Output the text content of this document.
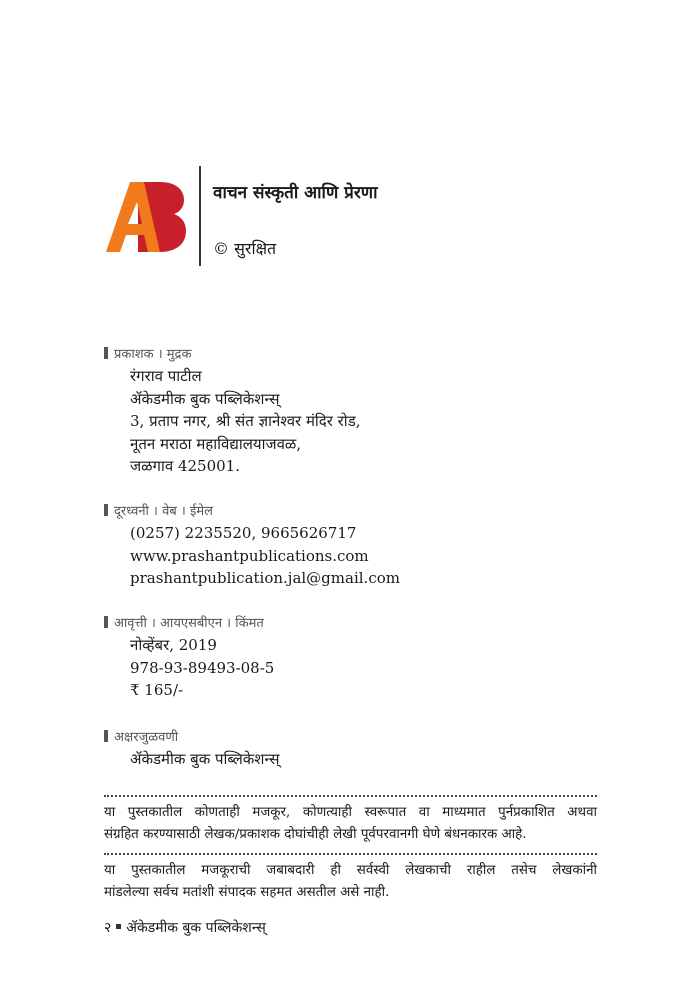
वाचन संस्कृती आणि प्रेरणा
© सुरक्षित
प्रकाशक । मुद्रक
रंगराव पाटील
ॲकेडमीक बुक पब्लिकेशन्स्
3, प्रताप नगर, श्री संत ज्ञानेश्वर मंदिर रोड,
नूतन मराठा महाविद्यालयाजवळ,
जळगाव 425001.
दूरध्वनी । वेब । ईमेल
(0257) 2235520, 9665626717
www.prashantpublications.com
prashantpublication.jal@gmail.com
आवृत्ती । आयएसबीएन । किंमत
नोव्हेंबर, 2019
978-93-89493-08-5
₹ 165/-
अक्षरजुळवणी
ॲकेडमीक बुक पब्लिकेशन्स्
या पुस्तकातील कोणताही मजकूर, कोणत्याही स्वरूपात वा माध्यमात पुर्नप्रकाशित अथवा
संग्रहित करण्यासाठी लेखक/प्रकाशक दोघांचीही लेखी पूर्वपरवानगी घेणे बंधनकारक आहे.
या पुस्तकातील मजकूराची जबाबदारी ही सर्वस्वी लेखकाची राहील तसेच लेखकांनी
मांडलेल्या सर्वच मतांशी संपादक सहमत असतील असे नाही.
२ ॲकेडमीक बुक पब्लिकेशन्स्
